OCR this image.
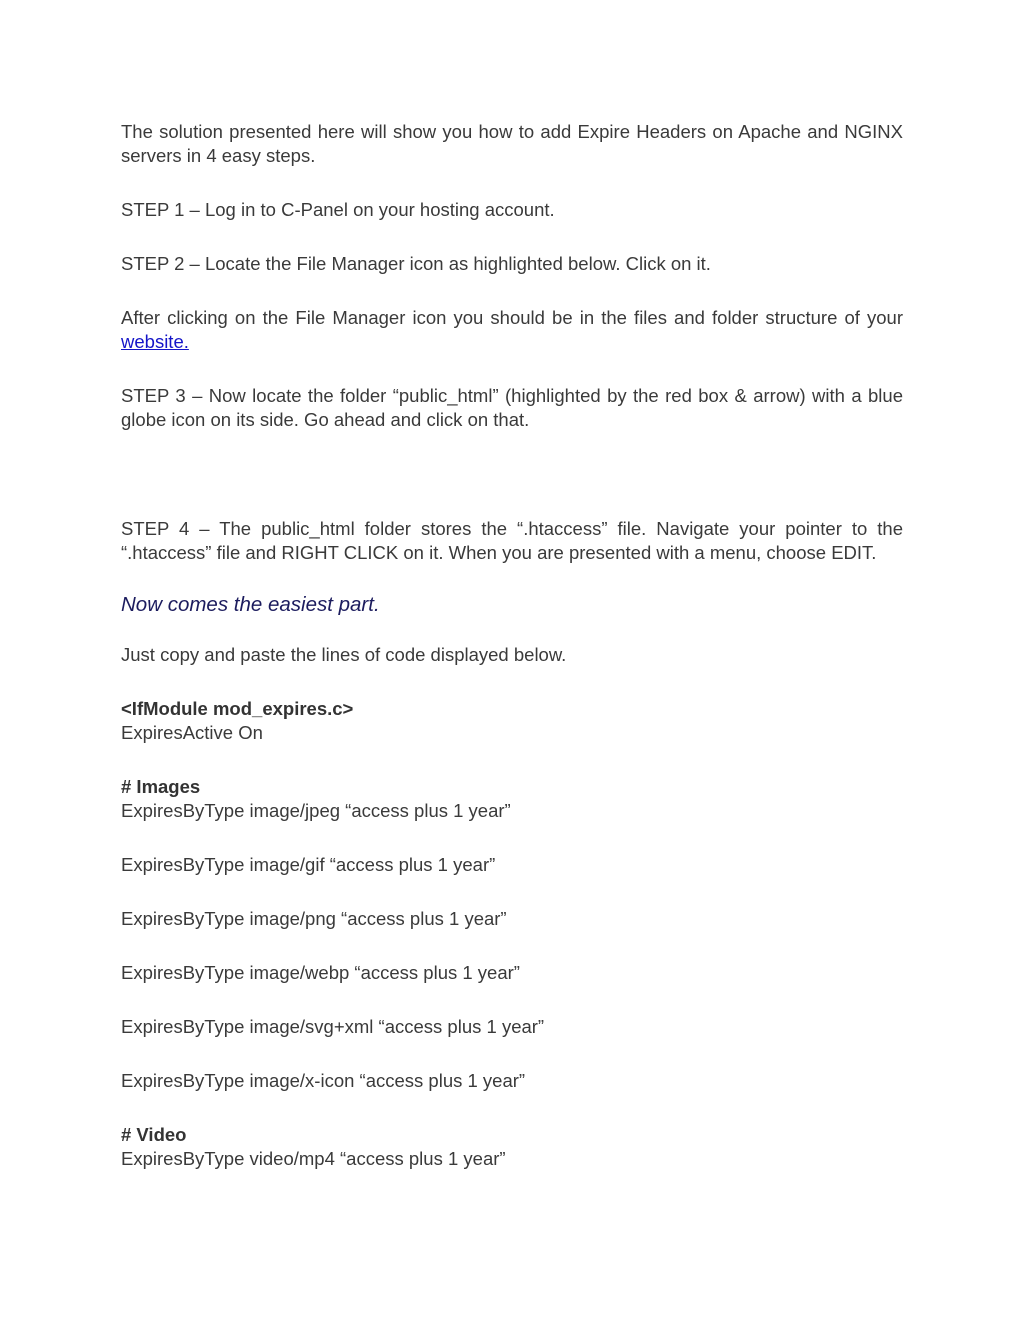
The solution presented here will show you how to add Expire Headers on Apache and NGINX servers in 4 easy steps.

STEP 1 – Log in to C-Panel on your hosting account.

STEP 2 – Locate the File Manager icon as highlighted below. Click on it.

After clicking on the File Manager icon you should be in the files and folder structure of your website.

STEP 3 – Now locate the folder “public_html” (highlighted by the red box & arrow) with a blue globe icon on its side. Go ahead and click on that.

STEP 4 – The public_html folder stores the “.htaccess” file. Navigate your pointer to the “.htaccess” file and RIGHT CLICK on it. When you are presented with a menu, choose EDIT.

Now comes the easiest part.

Just copy and paste the lines of code displayed below.

<IfModule mod_expires.c>

ExpiresActive On

# Images

ExpiresByType image/jpeg “access plus 1 year”

ExpiresByType image/gif “access plus 1 year”

ExpiresByType image/png “access plus 1 year”

ExpiresByType image/webp “access plus 1 year”

ExpiresByType image/svg+xml “access plus 1 year”

ExpiresByType image/x-icon “access plus 1 year”

# Video

ExpiresByType video/mp4 “access plus 1 year”
